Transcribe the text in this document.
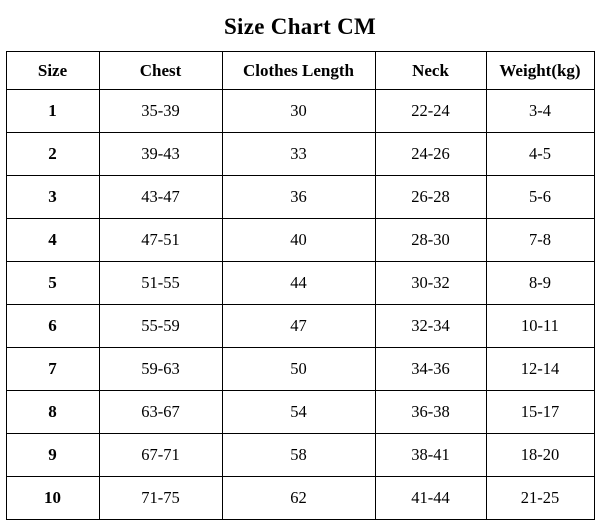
Size Chart CM
Size	Chest	Clothes Length	Neck	Weight(kg)
1	35-39	30	22-24	3-4
2	39-43	33	24-26	4-5
3	43-47	36	26-28	5-6
4	47-51	40	28-30	7-8
5	51-55	44	30-32	8-9
6	55-59	47	32-34	10-11
7	59-63	50	34-36	12-14
8	63-67	54	36-38	15-17
9	67-71	58	38-41	18-20
10	71-75	62	41-44	21-25
